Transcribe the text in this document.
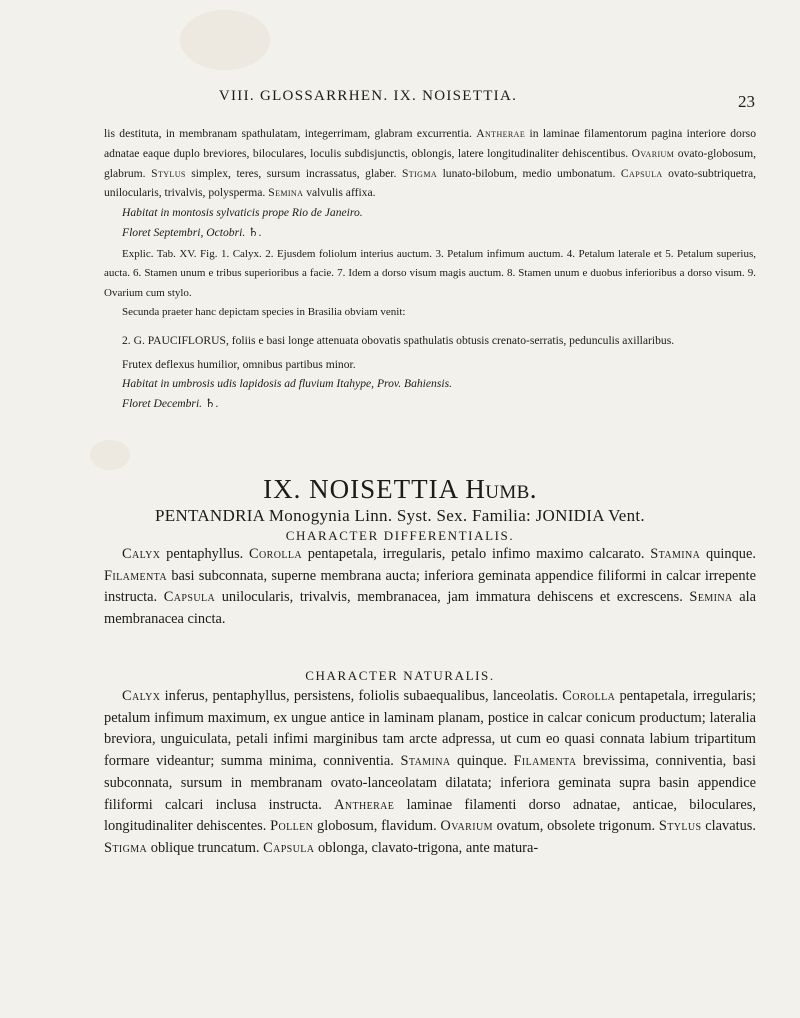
VIII. GLOSSARRHEN. IX. NOISETTIA.	23

lis destituta, in membranam spathulatam, integerrimam, glabram excurrentia. Antherae in laminae filamentorum pagina interiore dorso adnatae eaque duplo breviores, biloculares, loculis subdisjunctis, oblongis, latere longitudinaliter dehiscentibus. Ovarium ovato-globosum, glabrum. Stylus simplex, teres, sursum incrassatus, glaber. Stigma lunato-bilobum, medio umbonatum. Capsula ovato-subtriquetra, unilocularis, trivalvis, polysperma. Semina valvulis affixa.

Habitat in montosis sylvaticis prope Rio de Janeiro.

Floret Septembri, Octobri. ♄.

Explic. Tab. XV. Fig. 1. Calyx. 2. Ejusdem foliolum interius auctum. 3. Petalum infimum auctum. 4. Petalum laterale et 5. Petalum superius, aucta. 6. Stamen unum e tribus superioribus a facie. 7. Idem a dorso visum magis auctum. 8. Stamen unum e duobus inferioribus a dorso visum. 9. Ovarium cum stylo.

Secunda praeter hanc depictam species in Brasilia obviam venit:

2. G. PAUCIFLORUS, foliis e basi longe attenuata obovatis spathulatis obtusis crenato-serratis, pedunculis axillaribus.

Frutex deflexus humilior, omnibus partibus minor.

Habitat in umbrosis udis lapidosis ad fluvium Itahype, Prov. Bahiensis.

Floret Decembri. ♄.

IX. NOISETTIA Humb.
PENTANDRIA Monogynia Linn. Syst. Sex. Familia: JONIDIA Vent.
CHARACTER DIFFERENTIALIS.

Calyx pentaphyllus. Corolla pentapetala, irregularis, petalo infimo maximo calcarato. Stamina quinque. Filamenta basi subconnata, superne membrana aucta; inferiora geminata appendice filiformi in calcar irrepente instructa. Capsula unilocularis, trivalvis, membranacea, jam immatura dehiscens et excrescens. Semina ala membranacea cincta.

CHARACTER NATURALIS.

Calyx inferus, pentaphyllus, persistens, foliolis subaequalibus, lanceolatis. Corolla pentapetala, irregularis; petalum infimum maximum, ex ungue antice in laminam planam, postice in calcar conicum productum; lateralia breviora, unguiculata, petali infimi marginibus tam arcte adpressa, ut cum eo quasi connata labium tripartitum formare videantur; summa minima, conniventia. Stamina quinque. Filamenta brevissima, conniventia, basi subconnata, sursum in membranam ovato-lanceolatam dilatata; inferiora geminata supra basin appendice filiformi calcari inclusa instructa. Antherae laminae filamenti dorso adnatae, anticae, biloculares, longitudinaliter dehiscentes. Pollen globosum, flavidum. Ovarium ovatum, obsolete trigonum. Stylus clavatus. Stigma oblique truncatum. Capsula oblonga, clavato-trigona, ante matura-
